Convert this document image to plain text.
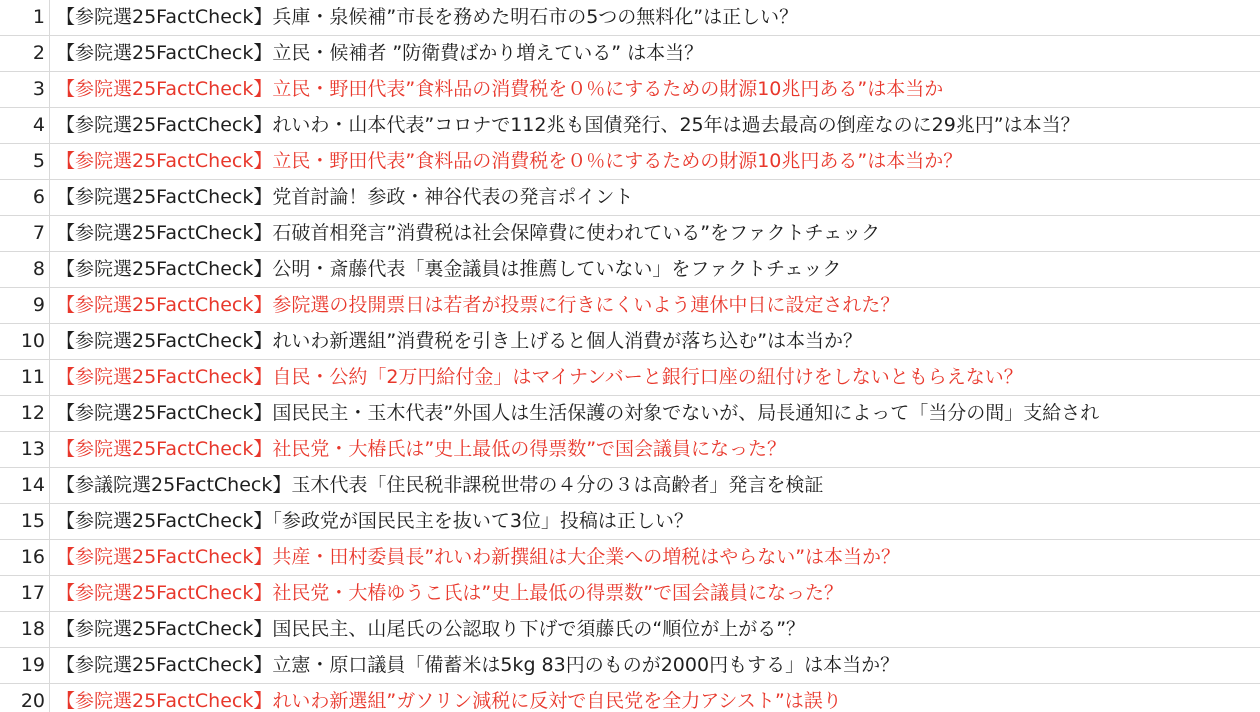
1 【参院選25FactCheck】兵庫・泉候補”市長を務めた明石市の5つの無料化”は正しい？
2 【参院選25FactCheck】立民・候補者 ”防衛費ばかり増えている” は本当？
3 【参院選25FactCheck】立民・野田代表”食料品の消費税を０％にするための財源10兆円ある”は本当か
4 【参院選25FactCheck】れいわ・山本代表”コロナで112兆も国債発行、25年は過去最高の倒産なのに29兆円”は本当？
5 【参院選25FactCheck】立民・野田代表”食料品の消費税を０％にするための財源10兆円ある”は本当か？
6 【参院選25FactCheck】党首討論！参政・神谷代表の発言ポイント
7 【参院選25FactCheck】石破首相発言”消費税は社会保障費に使われている”をファクトチェック
8 【参院選25FactCheck】公明・斎藤代表「裏金議員は推薦していない」をファクトチェック
9 【参院選25FactCheck】参院選の投開票日は若者が投票に行きにくいよう連休中日に設定された？
10 【参院選25FactCheck】れいわ新選組”消費税を引き上げると個人消費が落ち込む”は本当か？
11 【参院選25FactCheck】自民・公約「2万円給付金」はマイナンバーと銀行口座の紐付けをしないともらえない？
12 【参院選25FactCheck】国民民主・玉木代表”外国人は生活保護の対象でないが、局長通知によって「当分の間」支給され
13 【参院選25FactCheck】社民党・大椿氏は”史上最低の得票数”で国会議員になった？
14 【参議院選25FactCheck】玉木代表「住民税非課税世帯の４分の３は高齢者」発言を検証
15 【参院選25FactCheck】「参政党が国民民主を抜いて3位」投稿は正しい？
16 【参院選25FactCheck】共産・田村委員長”れいわ新撰組は大企業への増税はやらない”は本当か？
17 【参院選25FactCheck】社民党・大椿ゆうこ氏は”史上最低の得票数”で国会議員になった？
18 【参院選25FactCheck】国民民主、山尾氏の公認取り下げで須藤氏の“順位が上がる”？
19 【参院選25FactCheck】立憲・原口議員「備蓄米は5kg 83円のものが2000円もする」は本当か？
20 【参院選25FactCheck】れいわ新選組”ガソリン減税に反対で自民党を全力アシスト”は誤り
